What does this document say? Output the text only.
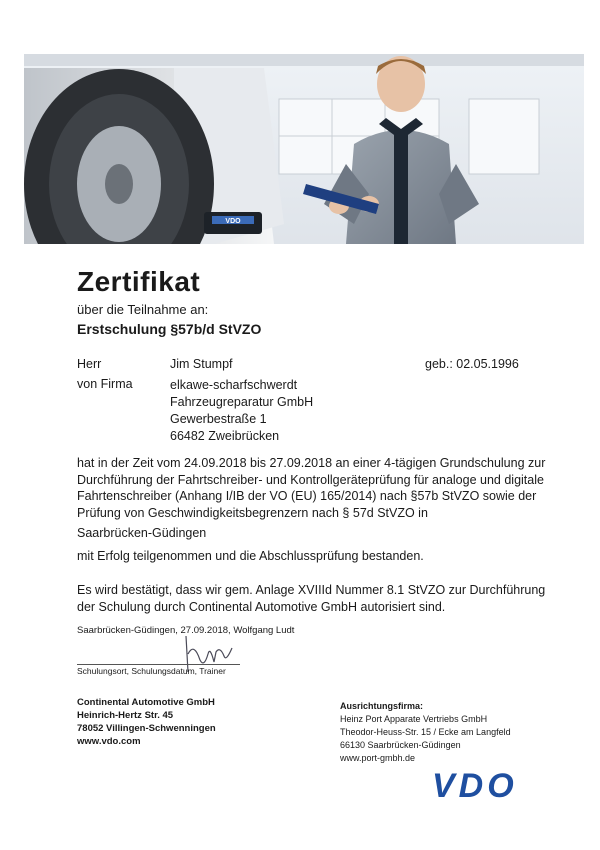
VDO
Zertifikat
über die Teilnahme an:
Erstschulung §57b/d StVZO
Herr	Jim Stumpf	geb.: 02.05.1996
von Firma	elkawe-scharfschwerdt
Fahrzeugreparatur GmbH
Gewerbestraße 1
66482 Zweibrücken
hat in der Zeit vom 24.09.2018 bis 27.09.2018 an einer 4-tägigen Grundschulung zur Durchführung der Fahrtschreiber- und Kontrollgeräteprüfung für analoge und digitale Fahrtenschreiber (Anhang I/IB der VO (EU) 165/2014) nach §57b StVZO sowie der Prüfung von Geschwindigkeitsbegrenzern nach § 57d StVZO in
Saarbrücken-Güdingen
mit Erfolg teilgenommen und die Abschlussprüfung bestanden.
Es wird bestätigt, dass wir gem. Anlage XVIIId Nummer 8.1 StVZO zur Durchführung der Schulung durch Continental Automotive GmbH autorisiert sind.
Saarbrücken-Güdingen, 27.09.2018, Wolfgang Ludt
Schulungsort, Schulungsdatum, Trainer
Continental Automotive GmbH
Heinrich-Hertz Str. 45
78052 Villingen-Schwenningen
www.vdo.com
Ausrichtungsfirma:
Heinz Port Apparate Vertriebs GmbH
Theodor-Heuss-Str. 15 / Ecke am Langfeld
66130 Saarbrücken-Güdingen
www.port-gmbh.de
VDO
